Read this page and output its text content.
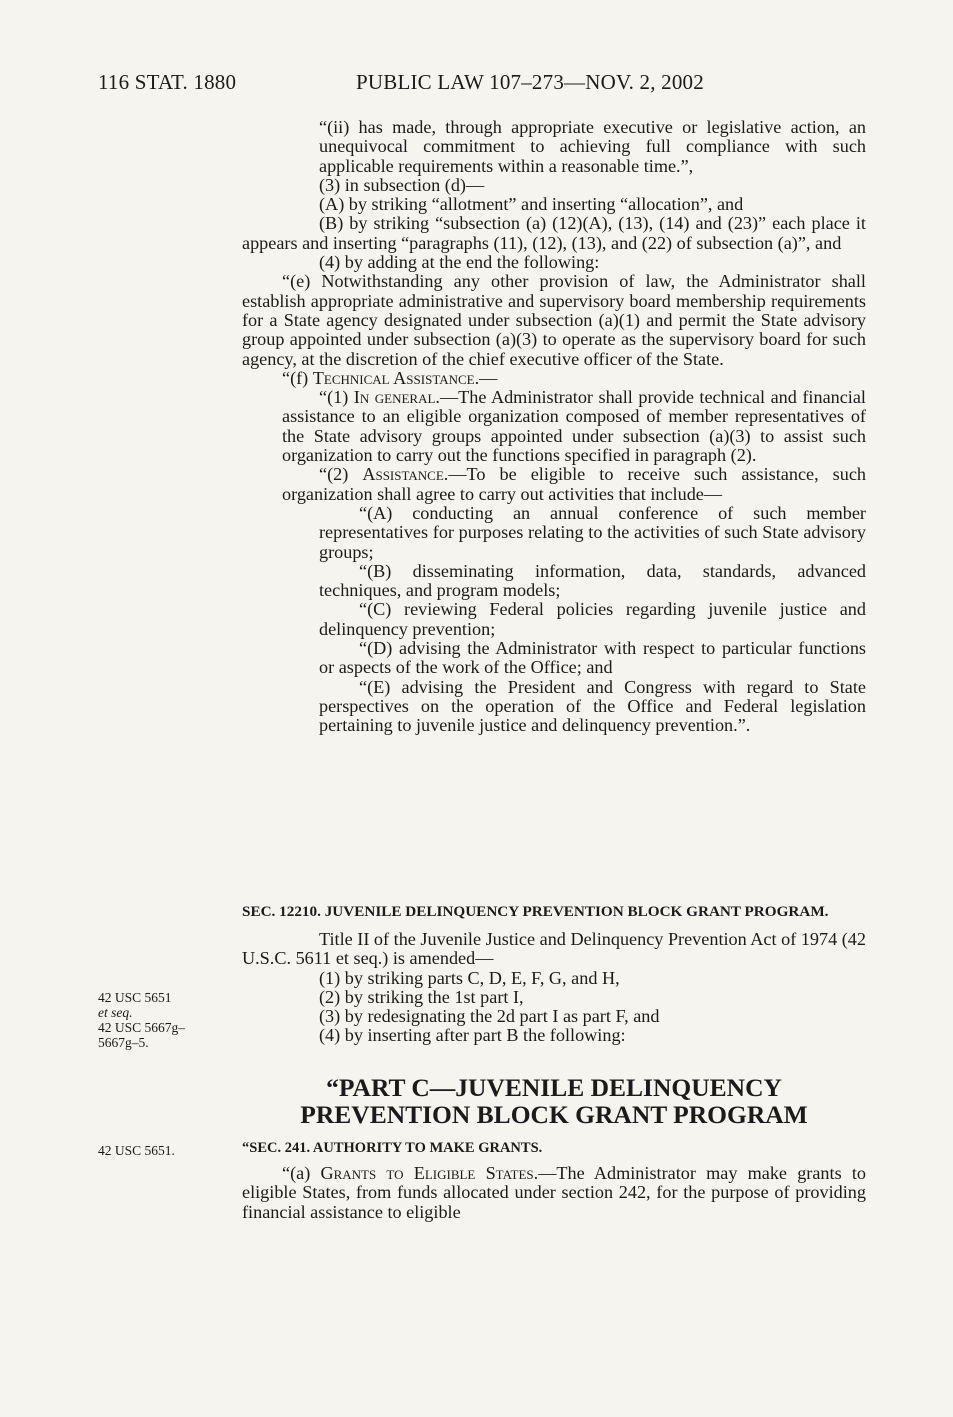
116 STAT. 1880	PUBLIC LAW 107–273—NOV. 2, 2002

“(ii) has made, through appropriate executive or legislative action, an unequivocal commitment to achieving full compliance with such applicable requirements within a reasonable time.”,

(3) in subsection (d)—

(A) by striking “allotment” and inserting “allocation”, and

(B) by striking “subsection (a) (12)(A), (13), (14) and (23)” each place it appears and inserting “paragraphs (11), (12), (13), and (22) of subsection (a)”, and

(4) by adding at the end the following:

“(e) Notwithstanding any other provision of law, the Administrator shall establish appropriate administrative and supervisory board membership requirements for a State agency designated under subsection (a)(1) and permit the State advisory group appointed under subsection (a)(3) to operate as the supervisory board for such agency, at the discretion of the chief executive officer of the State.

“(f) Technical Assistance.—

“(1) In general.—The Administrator shall provide technical and financial assistance to an eligible organization composed of member representatives of the State advisory groups appointed under subsection (a)(3) to assist such organization to carry out the functions specified in paragraph (2).

“(2) Assistance.—To be eligible to receive such assistance, such organization shall agree to carry out activities that include—

“(A) conducting an annual conference of such member representatives for purposes relating to the activities of such State advisory groups;

“(B) disseminating information, data, standards, advanced techniques, and program models;

“(C) reviewing Federal policies regarding juvenile justice and delinquency prevention;

“(D) advising the Administrator with respect to particular functions or aspects of the work of the Office; and

“(E) advising the President and Congress with regard to State perspectives on the operation of the Office and Federal legislation pertaining to juvenile justice and delinquency prevention.”.

SEC. 12210. JUVENILE DELINQUENCY PREVENTION BLOCK GRANT PROGRAM.

Title II of the Juvenile Justice and Delinquency Prevention Act of 1974 (42 U.S.C. 5611 et seq.) is amended—

(1) by striking parts C, D, E, F, G, and H,

(2) by striking the 1st part I,

(3) by redesignating the 2d part I as part F, and

(4) by inserting after part B the following:

“PART C—JUVENILE DELINQUENCY
PREVENTION BLOCK GRANT PROGRAM

“SEC. 241. AUTHORITY TO MAKE GRANTS.

“(a) Grants to Eligible States.—The Administrator may make grants to eligible States, from funds allocated under section 242, for the purpose of providing financial assistance to eligible

42 USC 5651
et seq.
42 USC 5667g–
5667g–5.
42 USC 5651.
